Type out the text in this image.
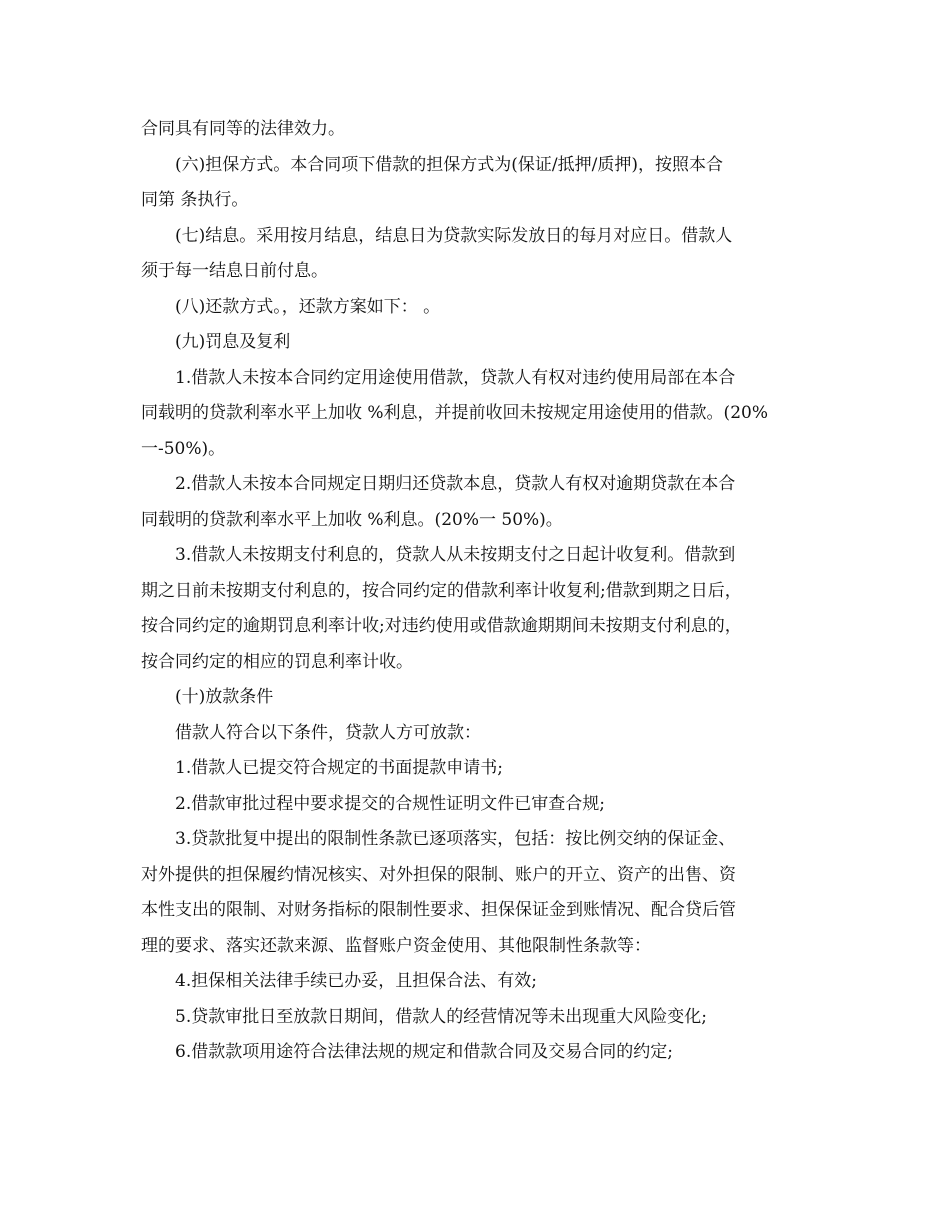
合同具有同等的法律效力。
(六)担保方式。本合同项下借款的担保方式为(保证/抵押/质押)，按照本合
同第 条执行。
(七)结息。采用按月结息，结息日为贷款实际发放日的每月对应日。借款人
须于每一结息日前付息。
(八)还款方式。，还款方案如下： 。
(九)罚息及复利
1.借款人未按本合同约定用途使用借款，贷款人有权对违约使用局部在本合
同载明的贷款利率水平上加收 %利息，并提前收回未按规定用途使用的借款。(20%
一-50%)。
2.借款人未按本合同规定日期归还贷款本息，贷款人有权对逾期贷款在本合
同载明的贷款利率水平上加收 %利息。(20%一 50%)。
3.借款人未按期支付利息的，贷款人从未按期支付之日起计收复利。借款到
期之日前未按期支付利息的，按合同约定的借款利率计收复利;借款到期之日后，
按合同约定的逾期罚息利率计收;对违约使用或借款逾期期间未按期支付利息的，
按合同约定的相应的罚息利率计收。
(十)放款条件
借款人符合以下条件，贷款人方可放款：
1.借款人已提交符合规定的书面提款申请书;
2.借款审批过程中要求提交的合规性证明文件已审查合规;
3.贷款批复中提出的限制性条款已逐项落实，包括：按比例交纳的保证金、
对外提供的担保履约情况核实、对外担保的限制、账户的开立、资产的出售、资
本性支出的限制、对财务指标的限制性要求、担保保证金到账情况、配合贷后管
理的要求、落实还款来源、监督账户资金使用、其他限制性条款等：
4.担保相关法律手续已办妥，且担保合法、有效;
5.贷款审批日至放款日期间，借款人的经营情况等未出现重大风险变化;
6.借款款项用途符合法律法规的规定和借款合同及交易合同的约定;
